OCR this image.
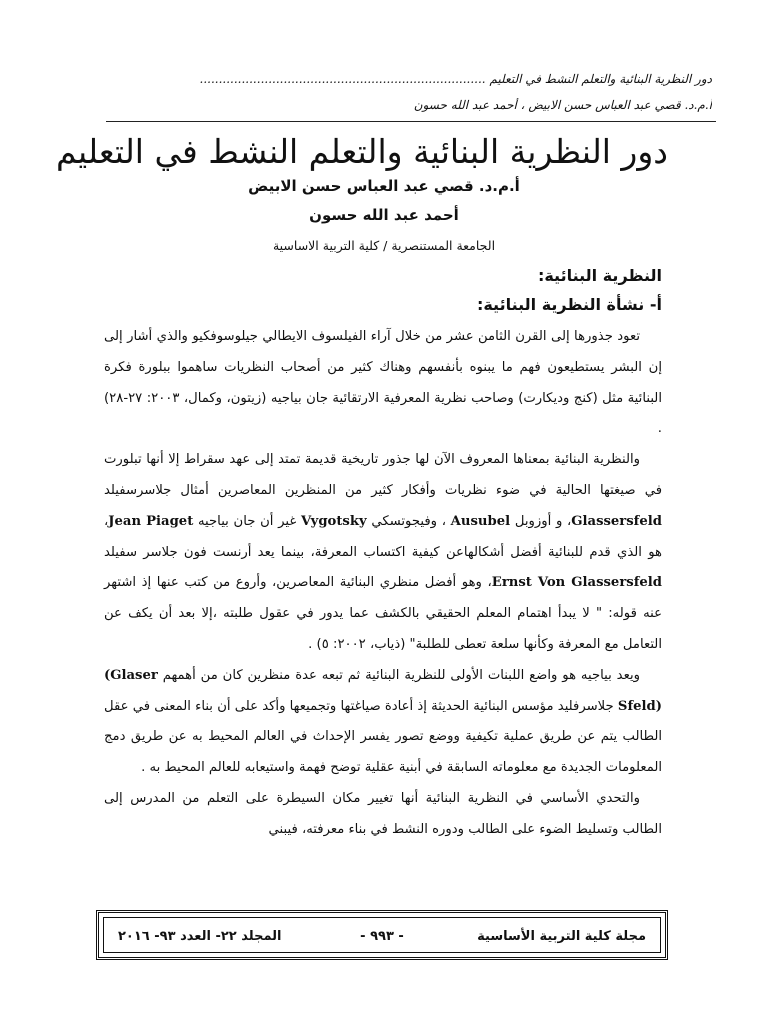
دور النظرية البنائية والتعلم النشط في التعليم ...........................................................................
أ.م.د. قصي عبد العباس حسن الابيض ، أحمد عبد الله حسون
دور النظرية البنائية والتعلم النشط في التعليم
أ.م.د. قصي عبد العباس حسن الابيض
أحمد عبد الله حسون
الجامعة المستنصرية / كلية التربية الاساسية
النظرية البنائية:
أ- نشأة النظرية البنائية:

تعود جذورها إلى القرن الثامن عشر من خلال آراء الفيلسوف الايطالي جيلوسوفكيو والذي أشار إلى إن البشر يستطيعون فهم ما يبنوه بأنفسهم وهناك كثير من أصحاب النظريات ساهموا ببلورة فكرة البنائية مثل (كنج وديكارت) وصاحب نظرية المعرفية الارتقائية جان بياجيه (زيتون، وكمال، ٢٠٠٣: ٢٧-٢٨) .

والنظرية البنائية بمعناها المعروف الآن لها جذور تاريخية قديمة تمتد إلى عهد سقراط إلا أنها تبلورت في صيغتها الحالية في ضوء نظريات وأفكار كثير من المنظرين المعاصرين أمثال جلاسرسفيلد Glassersfeld، و أوزوبل Ausubel ، وفيجوتسكي Vygotsky غير أن جان بياجيه Jean Piaget، هو الذي قدم للبنائية أفضل أشكالهاعن كيفية اكتساب المعرفة، بينما يعد أرنست فون جلاسر سفيلد Ernst Von Glassersfeld، وهو أفضل منظري البنائية المعاصرين، وأروع من كتب عنها إذ اشتهر عنه قوله: " لا يبدأ اهتمام المعلم الحقيقي بالكشف عما يدور في عقول طلبته ،إلا بعد أن يكف عن التعامل مع المعرفة وكأنها سلعة تعطى للطلبة" (ذياب، ٢٠٠٢: ٥) .

ويعد بياجيه هو واضع اللبنات الأولى للنظرية البنائية ثم تبعه عدة منظرين كان من أهمهم (Glaser Sfeld) جلاسرفليد مؤسس البنائية الحديثة إذ أعادة صياغتها وتجميعها وأكد على أن بناء المعنى في عقل الطالب يتم عن طريق عملية تكيفية ووضع تصور يفسر الإحداث في العالم المحيط به عن طريق دمج المعلومات الجديدة مع معلوماته السابقة في أبنية عقلية توضح فهمة واستيعابه للعالم المحيط به .

والتحدي الأساسي في النظرية البنائية أنها تغيير مكان السيطرة على التعلم من المدرس إلى الطالب وتسليط الضوء على الطالب ودوره النشط في بناء معرفته، فيبني

مجلة كلية التربية الأساسية
- ٩٩٣ -
المجلد ٢٢- العدد ٩٣- ٢٠١٦
